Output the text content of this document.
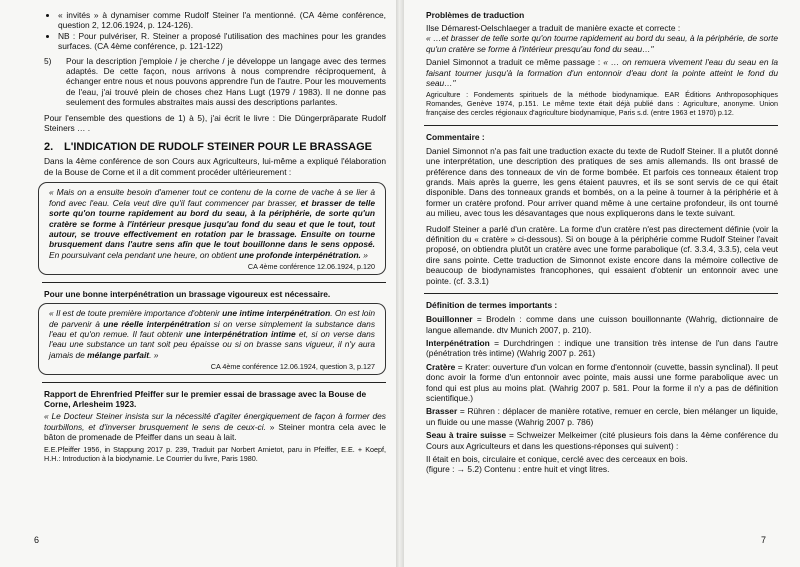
• « invités » à dynamiser comme Rudolf Steiner l'a mentionné. (CA 4ème conférence, question 2, 12.06.1924, p. 124-126).
• NB : Pour pulvériser, R. Steiner a proposé l'utilisation des machines pour les grandes surfaces. (CA 4ème conférence, p. 121-122)
5)	Pour la description j'emploie / je cherche / je développe un langage avec des termes adaptés. De cette façon, nous arrivons à nous comprendre réciproquement, à échanger entre nous et nous pouvons apprendre l'un de l'autre. Pour les mouvements de l'eau, j'ai trouvé plein de choses chez Hans Lugt (1979 / 1983). Il ne donne pas seulement des formules abstraites mais aussi des descriptions parlantes.

Pour l'ensemble des questions de 1) à 5), j'ai écrit le livre : Die Düngerpräparate Rudolf Steiners … .

2. L'INDICATION DE RUDOLF STEINER POUR LE BRASSAGE

Dans la 4ème conférence de son Cours aux Agriculteurs, lui-même a expliqué l'élaboration de la Bouse de Corne et il a dit comment procéder ultérieurement :

« Mais on a ensuite besoin d'amener tout ce contenu de la corne de vache à se lier à fond avec l'eau. Cela veut dire qu'il faut commencer par brasser, et brasser de telle sorte qu'on tourne rapidement au bord du seau, à la périphérie, de sorte qu'un cratère se forme à l'intérieur presque jusqu'au fond du seau et que le tout, tout autour, se trouve effectivement en rotation par le brassage. Ensuite on tourne brusquement dans l'autre sens afin que le tout bouillonne dans le sens opposé. En poursuivant cela pendant une heure, on obtient une profonde interpénétration. »

CA 4ème conférence 12.06.1924, p.120

Pour une bonne interpénétration un brassage vigoureux est nécessaire.

« Il est de toute première importance d'obtenir une intime interpénétration. On est loin de parvenir à une réelle interpénétration si on verse simplement la substance dans l'eau et qu'on remue. Il faut obtenir une interpénétration intime et, si on verse dans l'eau une substance un tant soit peu épaisse ou si on brasse sans vigueur, il n'y aura jamais de mélange parfait. »

CA 4ème conférence 12.06.1924, question 3, p.127

Rapport de Ehrenfried Pfeiffer sur le premier essai de brassage avec la Bouse de Corne, Arlesheim 1923.

« Le Docteur Steiner insista sur la nécessité d'agiter énergiquement de façon à former des tourbillons, et d'inverser brusquement le sens de ceux-ci. » Steiner montra cela avec le bâton de promenade de Pfeiffer dans un seau à lait.

E.E.Pfeiffer 1956, in Stappung 2017 p. 239, Traduit par Norbert Arnietot, paru in Pfeiffer, E.E. + Koepf, H.H.: Introduction à la biodynamie. Le Courrier du livre, Paris 1980.

6

Problèmes de traduction

Ilse Démarest-Oelschlaeger a traduit de manière exacte et correcte :

« …et brasser de telle sorte qu'on tourne rapidement au bord du seau, à la périphérie, de sorte qu'un cratère se forme à l'intérieur presqu'au fond du seau…"

Daniel Simonnot a traduit ce même passage : « … on remuera vivement l'eau du seau en la faisant tourner jusqu'à la formation d'un entonnoir d'eau dont la pointe atteint le fond du seau…"

Agriculture : Fondements spirituels de la méthode biodynamique. EAR Éditions Anthroposophiques Romandes, Genève 1974, p.151. Le même texte était déjà publié dans : Agriculture, anonyme. Union française des cercles régionaux d'agriculture biodynamique, Paris s.d. (entre 1963 et 1970) p.12.

Commentaire :

Daniel Simonnot n'a pas fait une traduction exacte du texte de Rudolf Steiner. Il a plutôt donné une interprétation, une description des pratiques de ses amis allemands. Ils ont brassé de préférence dans des tonneaux de vin de forme bombée. Et parfois ces tonneaux étaient trop grands. Mais après la guerre, les gens étaient pauvres, et ils se sont servis de ce qui était disponible. Dans des tonneaux grands et bombés, on a la peine à tourner à la périphérie et à former un cratère profond. Pour arriver quand même à une certaine profondeur, ils ont tourné au milieu, avec tous les désavantages que nous expliquerons dans le texte suivant.

Rudolf Steiner a parlé d'un cratère. La forme d'un cratère n'est pas directement définie (voir la définition du « cratère » ci-dessous). Si on bouge à la périphérie comme Rudolf Steiner l'avait proposé, on obtiendra plutôt un cratère avec une forme parabolique (cf. 3.3.4, 3.3.5), cela veut dire sans pointe. Cette traduction de Simonnot existe encore dans la mémoire collective de beaucoup de biodynamistes francophones, qui essaient d'obtenir un entonnoir avec une pointe. (cf. 3.3.1)

Définition de termes importants :

Bouillonner = Brodeln : comme dans une cuisson bouillonnante (Wahrig, dictionnaire de langue allemande. dtv Munich 2007, p. 210).

Interpénétration = Durchdringen : indique une transition très intense de l'un dans l'autre (pénétration très intime) (Wahrig 2007 p. 261)

Cratère = Krater: ouverture d'un volcan en forme d'entonnoir (cuvette, bassin synclinal). Il peut donc avoir la forme d'un entonnoir avec pointe, mais aussi une forme parabolique avec un fond qui est plus au moins plat. (Wahrig 2007 p. 581. Pour la forme il n'y a pas de définition scientifique.)

Brasser = Rühren : déplacer de manière rotative, remuer en cercle, bien mélanger un liquide, un fluide ou une masse (Wahrig 2007 p. 786)

Seau à traire suisse = Schweizer Melkeimer (cité plusieurs fois dans la 4ème conférence du Cours aux Agriculteurs et dans les questions-réponses qui suivent) :

Il était en bois, circulaire et conique, cerclé avec des cerceaux en bois.

(figure : → 5.2) Contenu : entre huit et vingt litres.

7
